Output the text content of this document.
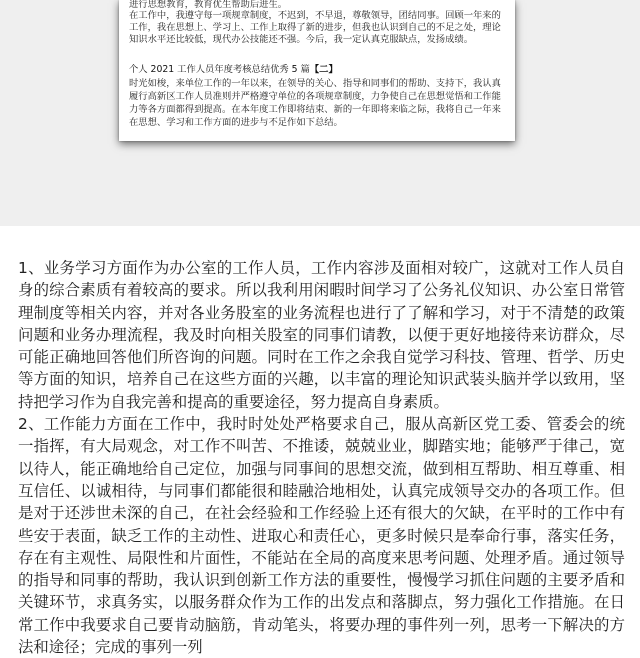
进行思想教育，教育优生帮助后进生。
在工作中，我遵守每一项规章制度，不迟到，不早退，尊敬领导，团结同事。回顾一年来的
工作，我在思想上、学习上、工作上取得了新的进步，但我也认识到自己的不足之处，理论
知识水平还比较低，现代办公技能还不强。今后，我一定认真克服缺点，发扬成绩。
个人 2021 工作人员年度考核总结优秀 5 篇【二】
时光如梭，来单位工作的一年以来，在领导的关心、指导和同事们的帮助、支持下，我认真
履行高新区工作人员准则并严格遵守单位的各项规章制度，力争使自己在思想觉悟和工作能
力等各方面都得到提高。在本年度工作即将结束、新的一年即将来临之际，我将自己一年来
在思想、学习和工作方面的进步与不足作如下总结。

1、业务学习方面作为办公室的工作人员，工作内容涉及面相对较广，这就对工作人员自身的综合素质有着较高的要求。所以我利用闲暇时间学习了公务礼仪知识、办公室日常管理制度等相关内容，并对各业务股室的业务流程也进行了了解和学习，对于不清楚的政策问题和业务办理流程，我及时向相关股室的同事们请教，以便于更好地接待来访群众，尽可能正确地回答他们所咨询的问题。同时在工作之余我自觉学习科技、管理、哲学、历史等方面的知识，培养自己在这些方面的兴趣，以丰富的理论知识武装头脑并学以致用，坚持把学习作为自我完善和提高的重要途径，努力提高自身素质。

2、工作能力方面在工作中，我时时处处严格要求自己，服从高新区党工委、管委会的统一指挥，有大局观念，对工作不叫苦、不推诿，兢兢业业，脚踏实地；能够严于律己，宽以待人，能正确地给自己定位，加强与同事间的思想交流，做到相互帮助、相互尊重、相互信任、以诚相待，与同事们都能很和睦融洽地相处，认真完成领导交办的各项工作。但是对于还涉世未深的自己，在社会经验和工作经验上还有很大的欠缺，在平时的工作中有些安于表面，缺乏工作的主动性、进取心和责任心，更多时候只是奉命行事，落实任务，存在有主观性、局限性和片面性，不能站在全局的高度来思考问题、处理矛盾。通过领导的指导和同事的帮助，我认识到创新工作方法的重要性，慢慢学习抓住问题的主要矛盾和关键环节，求真务实，以服务群众作为工作的出发点和落脚点，努力强化工作措施。在日常工作中我要求自己要肯动脑筋，肯动笔头，将要办理的事件列一列，思考一下解决的方法和途径；完成的事列一列
